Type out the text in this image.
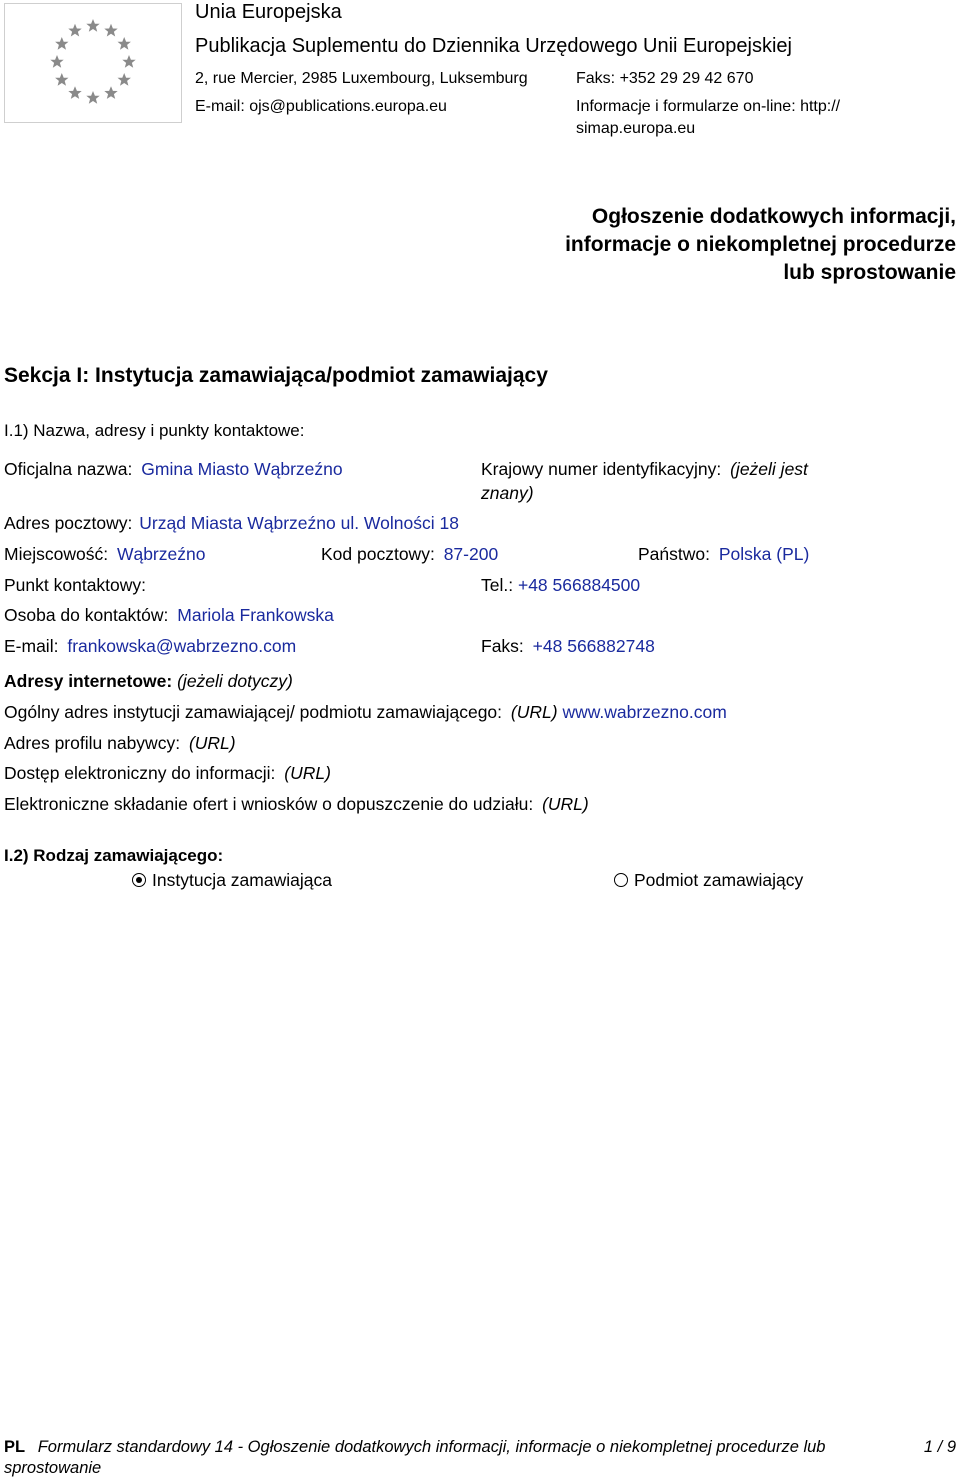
Unia Europejska
Publikacja Suplementu do Dziennika Urzędowego Unii Europejskiej
2, rue Mercier, 2985 Luxembourg, Luksemburg	Faks: +352 29 29 42 670
E-mail: ojs@publications.europa.eu	Informacje i formularze on-line: http://
simap.europa.eu
Ogłoszenie dodatkowych informacji, informacje o niekompletnej procedurze lub sprostowanie
Sekcja I: Instytucja zamawiająca/podmiot zamawiający
I.1) Nazwa, adresy i punkty kontaktowe:
Oficjalna nazwa: Gmina Miasto Wąbrzeźno	Krajowy numer identyfikacyjny: (jeżeli jest
znany)
Adres pocztowy: Urząd Miasta Wąbrzeźno ul. Wolności 18
Miejscowość: Wąbrzeźno	Kod pocztowy: 87-200	Państwo: Polska (PL)
Punkt kontaktowy:	Tel.: +48 566884500
Osoba do kontaktów: Mariola Frankowska
E-mail: frankowska@wabrzezno.com	Faks: +48 566882748
Adresy internetowe: (jeżeli dotyczy)
Ogólny adres instytucji zamawiającej/ podmiotu zamawiającego: (URL) www.wabrzezno.com
Adres profilu nabywcy: (URL)
Dostęp elektroniczny do informacji: (URL)
Elektroniczne składanie ofert i wniosków o dopuszczenie do udziału: (URL)
I.2) Rodzaj zamawiającego:
Instytucja zamawiająca	Podmiot zamawiający
PL Formularz standardowy 14 - Ogłoszenie dodatkowych informacji, informacje o niekompletnej procedurze lub
sprostowanie
1 / 9
